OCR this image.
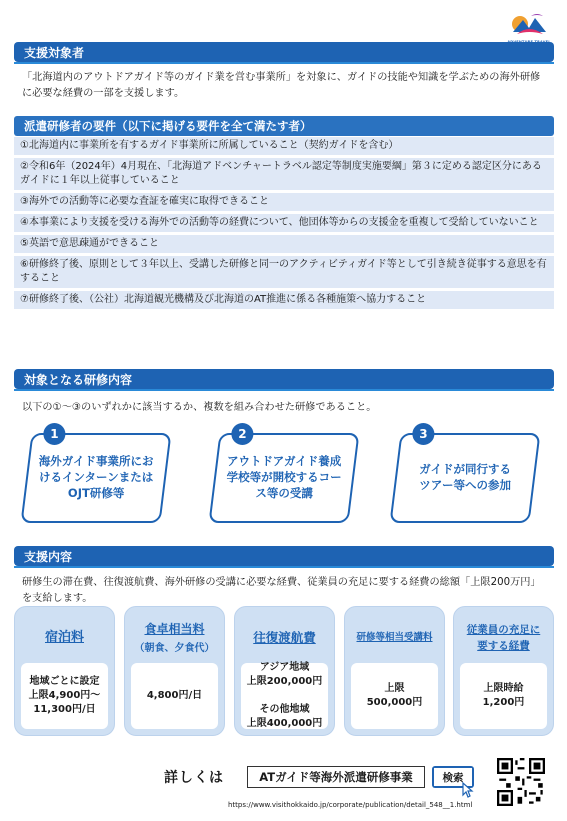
支援対象者
「北海道内のアウトドアガイド等のガイド業を営む事業所」を対象に、ガイドの技能や知識を学ぶための海外研修に必要な経費の一部を支援します。
派遣研修者の要件（以下に掲げる要件を全て満たす者）
①北海道内に事業所を有するガイド事業所に所属していること（契約ガイドを含む）
②令和6年（2024年）4月現在、「北海道アドベンチャートラベル認定等制度実施要綱」第３に定める認定区分にあるガイドに１年以上従事していること
③海外での活動等に必要な査証を確実に取得できること
④本事業により支援を受ける海外での活動等の経費について、他団体等からの支援金を重複して受給していないこと
⑤英語で意思疎通ができること
⑥研修終了後、原則として３年以上、受講した研修と同一のアクティビティガイド等として引き続き従事する意思を有すること
⑦研修終了後、（公社）北海道観光機構及び北海道のAT推進に係る各種施策へ協力すること
対象となる研修内容
以下の①～③のいずれかに該当するか、複数を組み合わせた研修であること。
1
海外ガイド事業所にお
けるインターンまたは
OJT研修等
2
アウトドアガイド養成
学校等が開校するコー
ス等の受講
3
ガイドが同行する
ツアー等への参加
支援内容
研修生の滞在費、往復渡航費、海外研修の受講に必要な経費、従業員の充足に要する経費の総額「上限200万円」を支給します。
宿泊料
地域ごとに設定
上限4,900円～
11,300円/日
食卓相当料
（朝食、夕食代）
4,800円/日
往復渡航費
アジア地域
上限200,000円

その他地域
上限400,000円
研修等相当受講料
上限
500,000円
従業員の充足に
要する経費
上限時給
1,200円
詳しくは	ATガイド等海外派遣研修事業	検索
https://www.visithokkaido.jp/corporate/publication/detail_548__1.html
